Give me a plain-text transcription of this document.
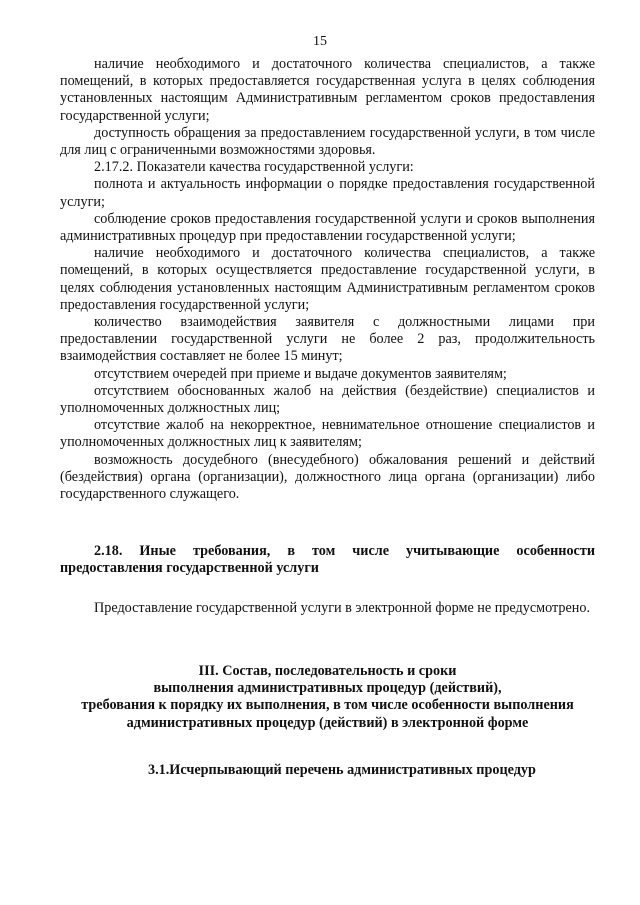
15

наличие необходимого и достаточного количества специалистов, а также помещений, в которых предоставляется государственная услуга в целях соблюдения установленных настоящим Административным регламентом сроков предоставления государственной услуги;

доступность обращения за предоставлением государственной услуги, в том числе для лиц с ограниченными возможностями здоровья.

2.17.2. Показатели качества государственной услуги:

полнота и актуальность информации о порядке предоставления государственной услуги;

соблюдение сроков предоставления государственной услуги и сроков выполнения административных процедур при предоставлении государственной услуги;

наличие необходимого и достаточного количества специалистов, а также помещений, в которых осуществляется предоставление государственной услуги, в целях соблюдения установленных настоящим Административным регламентом сроков предоставления государственной услуги;

количество взаимодействия заявителя с должностными лицами при предоставлении государственной услуги не более 2 раз, продолжительность взаимодействия составляет не более 15 минут;

отсутствием очередей при приеме и выдаче документов заявителям;

отсутствием обоснованных жалоб на действия (бездействие) специалистов и уполномоченных должностных лиц;

отсутствие жалоб на некорректное, невнимательное отношение специалистов и уполномоченных должностных лиц к заявителям;

возможность досудебного (внесудебного) обжалования решений и действий (бездействия) органа (организации), должностного лица органа (организации) либо государственного служащего.

2.18. Иные требования, в том числе учитывающие особенности предоставления государственной услуги

Предоставление государственной услуги в электронной форме не предусмотрено.

III. Состав, последовательность и сроки

выполнения административных процедур (действий),

требования к порядку их выполнения, в том числе особенности выполнения

административных процедур (действий) в электронной форме

3.1.Исчерпывающий перечень административных процедур
